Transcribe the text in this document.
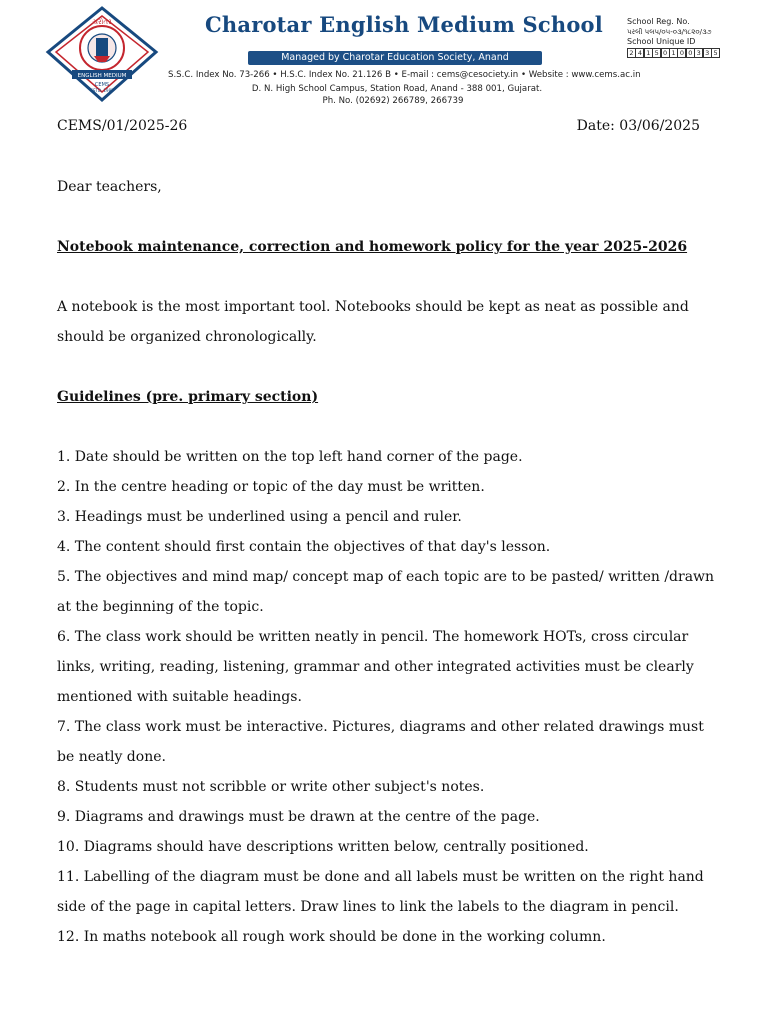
ચરોતર
ENGLISH MEDIUM
CEMS
ESTD. 1985
Charotar English Medium School
Managed by Charotar Education Society, Anand
S.S.C. Index No. 73-266 • H.S.C. Index No. 21.126 B • E-mail : cems@cesociety.in • Website : www.cems.ac.in
D. N. High School Campus, Station Road, Anand - 388 001, Gujarat.
Ph. No. (02692) 266789, 266739
School Reg. No.
પરલી પલપ/૦૫-૦૩/૧૮૨૦/૩૭
School Unique ID
2 4 1 5 0 1 0 0 3 3 5
CEMS/01/2025-26	Date: 03/06/2025

Dear teachers,

Notebook maintenance, correction and homework policy for the year 2025-2026

A notebook is the most important tool. Notebooks should be kept as neat as possible and should be organized chronologically.

Guidelines (pre. primary section)

1. Date should be written on the top left hand corner of the page.

2. In the centre heading or topic of the day must be written.

3. Headings must be underlined using a pencil and ruler.

4. The content should first contain the objectives of that day's lesson.

5. The objectives and mind map/ concept map of each topic are to be pasted/ written /drawn at the beginning of the topic.

6. The class work should be written neatly in pencil. The homework HOTs, cross circular links, writing, reading, listening, grammar and other integrated activities must be clearly mentioned with suitable headings.

7. The class work must be interactive. Pictures, diagrams and other related drawings must be neatly done.

8. Students must not scribble or write other subject's notes.

9. Diagrams and drawings must be drawn at the centre of the page.

10. Diagrams should have descriptions written below, centrally positioned.

11. Labelling of the diagram must be done and all labels must be written on the right hand side of the page in capital letters. Draw lines to link the labels to the diagram in pencil.

12. In maths notebook all rough work should be done in the working column.
